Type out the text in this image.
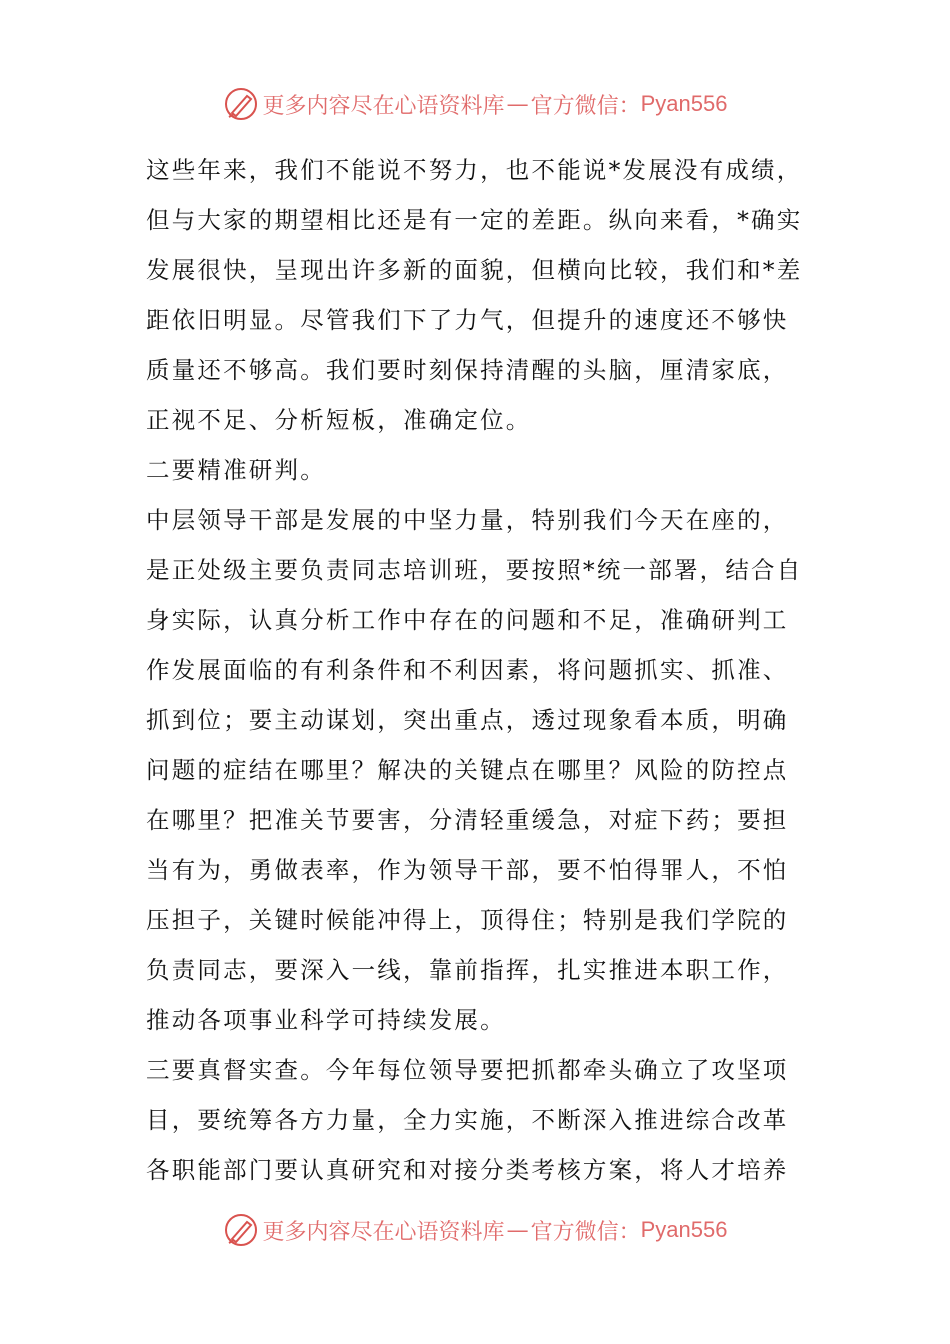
更多内容尽在心语资料库 — 官方微信： Pyan556

这些年来，我们不能说不努力，也不能说*发展没有成绩，

但与大家的期望相比还是有一定的差距。纵向来看，*确实

发展很快，呈现出许多新的面貌，但横向比较，我们和*差

距依旧明显。尽管我们下了力气，但提升的速度还不够快

质量还不够高。我们要时刻保持清醒的头脑，厘清家底，

正视不足、分析短板，准确定位。

二要精准研判。

中层领导干部是发展的中坚力量，特别我们今天在座的，

是正处级主要负责同志培训班，要按照*统一部署，结合自

身实际，认真分析工作中存在的问题和不足，准确研判工

作发展面临的有利条件和不利因素，将问题抓实、抓准、

抓到位；要主动谋划，突出重点，透过现象看本质，明确

问题的症结在哪里？解决的关键点在哪里？风险的防控点

在哪里？把准关节要害，分清轻重缓急，对症下药；要担

当有为，勇做表率，作为领导干部，要不怕得罪人，不怕

压担子，关键时候能冲得上，顶得住；特别是我们学院的

负责同志，要深入一线，靠前指挥，扎实推进本职工作，

推动各项事业科学可持续发展。

三要真督实查。今年每位领导要把抓都牵头确立了攻坚项

目，要统筹各方力量，全力实施，不断深入推进综合改革

各职能部门要认真研究和对接分类考核方案，将人才培养

更多内容尽在心语资料库 — 官方微信： Pyan556
